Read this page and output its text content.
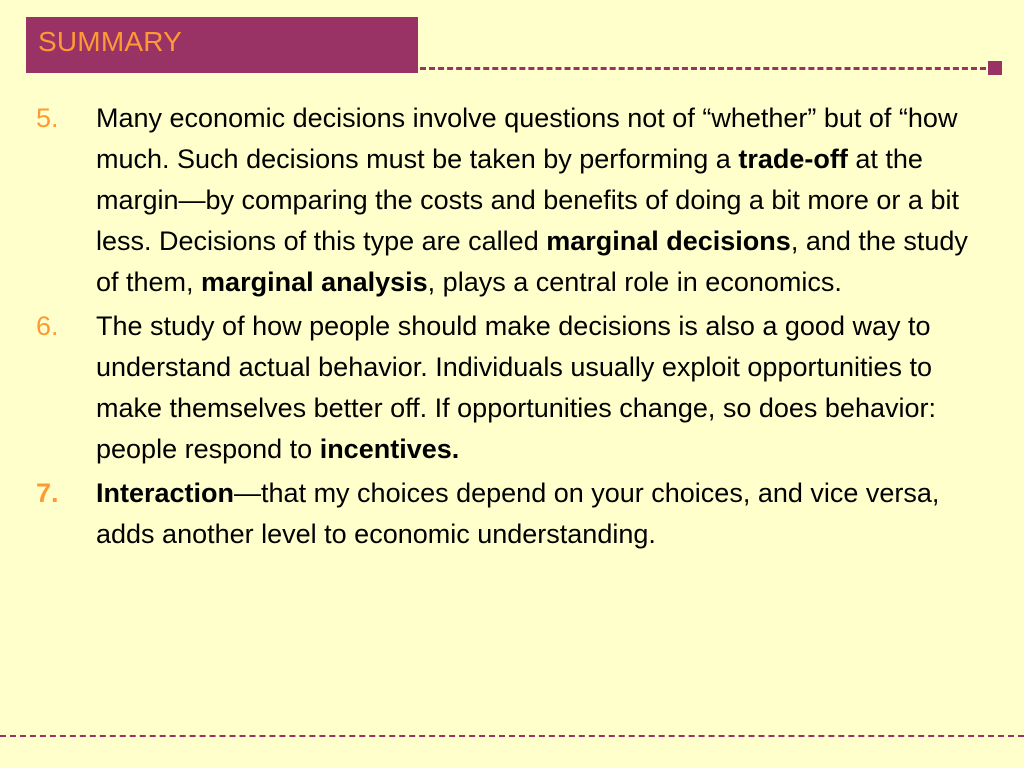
SUMMARY
5. Many economic decisions involve questions not of “whether” but of “how much. Such decisions must be taken by performing a trade-off at the margin—by comparing the costs and benefits of doing a bit more or a bit less. Decisions of this type are called marginal decisions, and the study of them, marginal analysis, plays a central role in economics.
6. The study of how people should make decisions is also a good way to understand actual behavior. Individuals usually exploit opportunities to make themselves better off. If opportunities change, so does behavior: people respond to incentives.
7. Interaction—that my choices depend on your choices, and vice versa, adds another level to economic understanding.
